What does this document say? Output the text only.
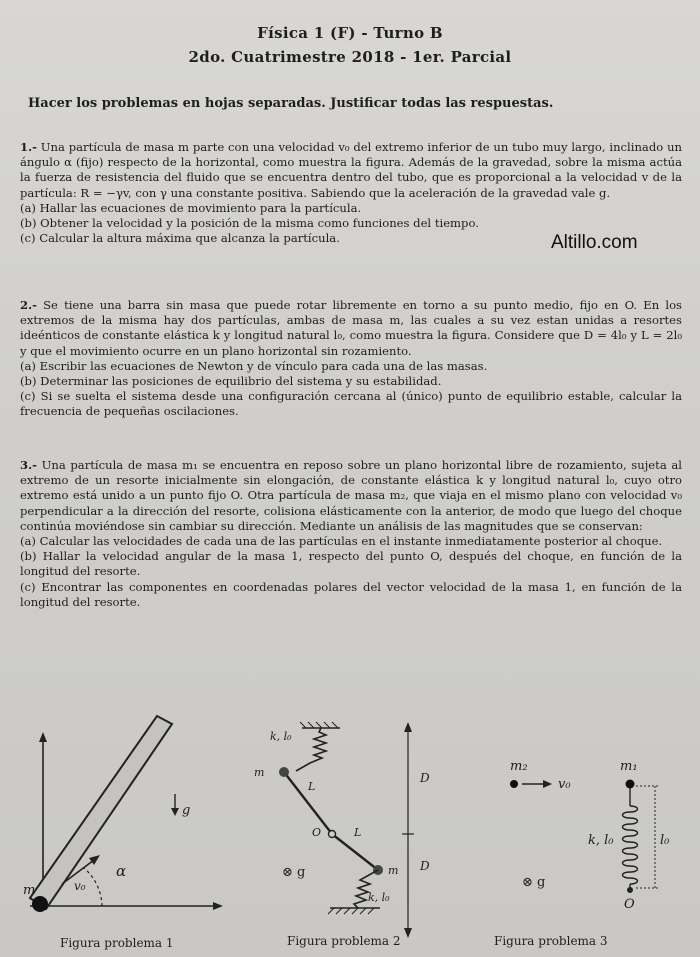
Física 1 (F) - Turno B
2do. Cuatrimestre 2018 - 1er. Parcial
Hacer los problemas en hojas separadas. Justificar todas las respuestas.
Altillo.com

1.- Una partícula de masa m parte con una velocidad v₀ del extremo inferior de un tubo muy largo, inclinado un ángulo α (fijo) respecto de la horizontal, como muestra la figura. Además de la gravedad, sobre la misma actúa la fuerza de resistencia del fluido que se encuentra dentro del tubo, que es proporcional a la velocidad v de la partícula: R = −γv, con γ una constante positiva. Sabiendo que la aceleración de la gravedad vale g.

(a) Hallar las ecuaciones de movimiento para la partícula.

(b) Obtener la velocidad y la posición de la misma como funciones del tiempo.

(c) Calcular la altura máxima que alcanza la partícula.

2.- Se tiene una barra sin masa que puede rotar libremente en torno a su punto medio, fijo en O. En los extremos de la misma hay dos partículas, ambas de masa m, las cuales a su vez estan unidas a resortes ideénticos de constante elástica k y longitud natural l₀, como muestra la figura. Considere que D = 4l₀ y L = 2l₀ y que el movimiento ocurre en un plano horizontal sin rozamiento.

(a) Escribir las ecuaciones de Newton y de vínculo para cada una de las masas.

(b) Determinar las posiciones de equilibrio del sistema y su estabilidad.

(c) Si se suelta el sistema desde una configuración cercana al (único) punto de equilibrio estable, calcular la frecuencia de pequeñas oscilaciones.

3.- Una partícula de masa m₁ se encuentra en reposo sobre un plano horizontal libre de rozamiento, sujeta al extremo de un resorte inicialmente sin elongación, de constante elástica k y longitud natural l₀, cuyo otro extremo está unido a un punto fijo O. Otra partícula de masa m₂, que viaja en el mismo plano con velocidad v₀ perpendicular a la dirección del resorte, colisiona elásticamente con la anterior, de modo que luego del choque continúa moviéndose sin cambiar su dirección. Mediante un análisis de las magnitudes que se conservan:

(a) Calcular las velocidades de cada una de las partículas en el instante inmediatamente posterior al choque.

(b) Hallar la velocidad angular de la masa 1, respecto del punto O, después del choque, en función de la longitud del resorte.

(c) Encontrar las componentes en coordenadas polares del vector velocidad de la masa 1, en función de la longitud del resorte.

α
g
v₀
m
Figura problema 1
k, l₀
m
m
O
L
L
k, l₀
D
D
⊗ g
Figura problema 2
m₂
v₀
m₁
O
k, l₀	l₀
⊗ g
Figura problema 3
